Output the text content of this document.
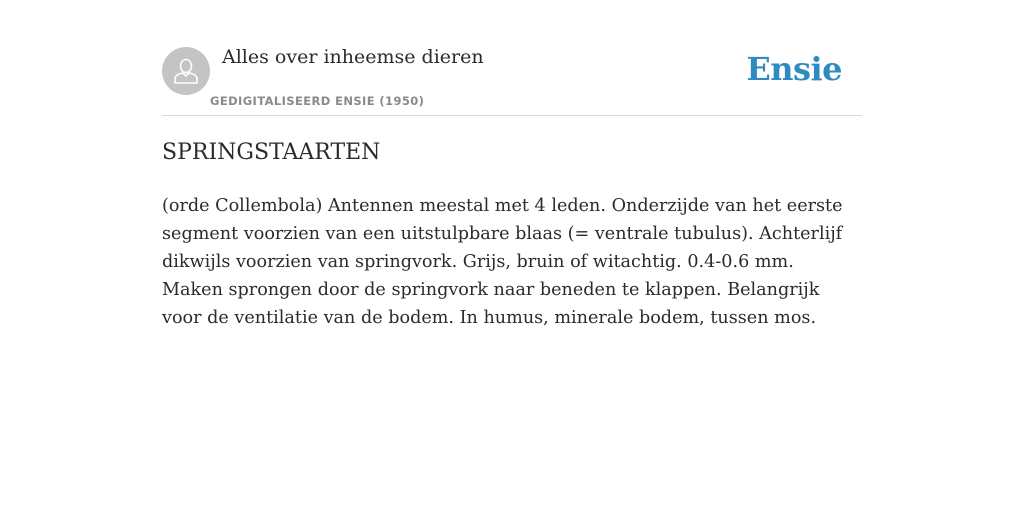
Alles over inheemse dieren
GEDIGITALISEERD ENSIE (1950)
Ensie
SPRINGSTAARTEN

(orde Collembola) Antennen meestal met 4 leden. Onderzijde van het eerste segment voorzien van een uitstulpbare blaas (= ventrale tubulus). Achterlijf dikwijls voorzien van springvork. Grijs, bruin of witachtig. 0.4-0.6 mm. Maken sprongen door de springvork naar beneden te klappen. Belangrijk voor de ventilatie van de bodem. In humus, minerale bodem, tussen mos.
